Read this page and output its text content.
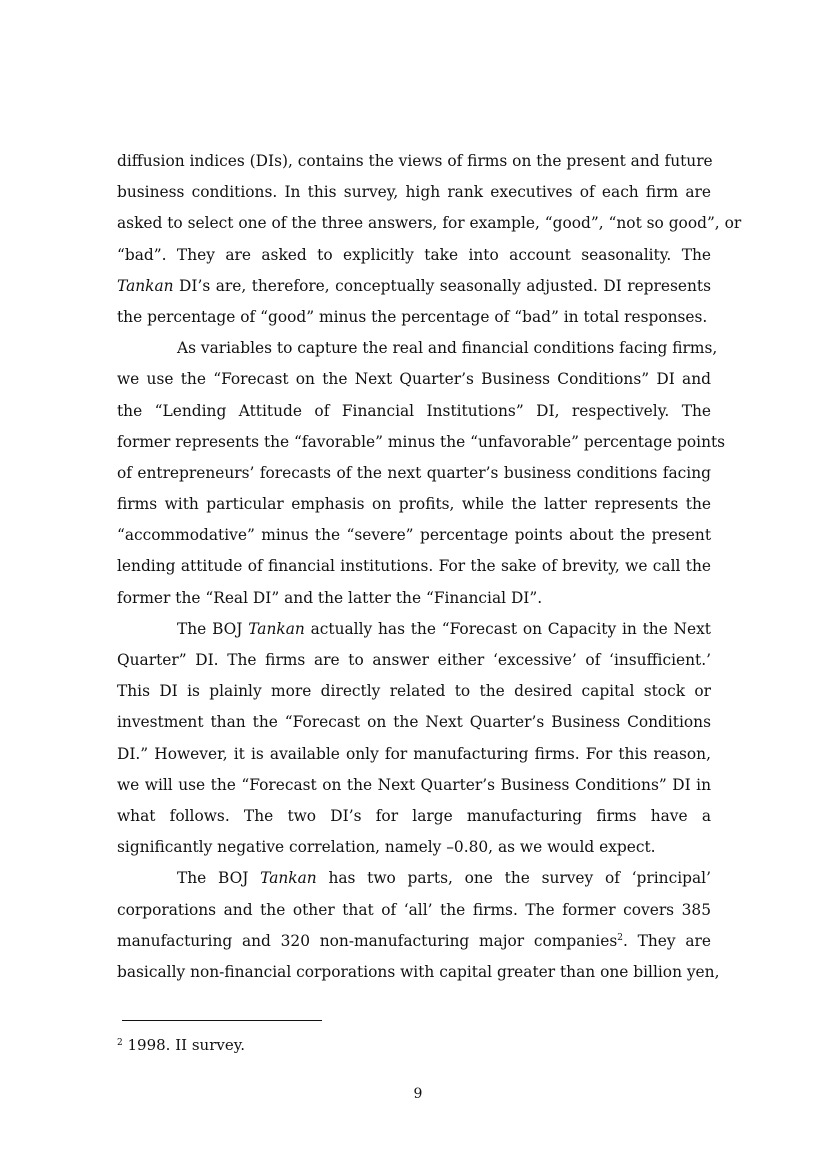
diffusion indices (DIs), contains the views of firms on the present and future
business conditions. In this survey, high rank executives of each firm are
asked to select one of the three answers, for example, “good”, “not so good”, or
“bad”. They are asked to explicitly take into account seasonality. The
Tankan DI’s are, therefore, conceptually seasonally adjusted. DI represents
the percentage of “good” minus the percentage of “bad” in total responses.
As variables to capture the real and financial conditions facing firms,
we use the “Forecast on the Next Quarter’s Business Conditions” DI and
the “Lending Attitude of Financial Institutions” DI, respectively. The
former represents the “favorable” minus the “unfavorable” percentage points
of entrepreneurs’ forecasts of the next quarter’s business conditions facing
firms with particular emphasis on profits, while the latter represents the
“accommodative” minus the “severe” percentage points about the present
lending attitude of financial institutions. For the sake of brevity, we call the
former the “Real DI” and the latter the “Financial DI”.
The BOJ Tankan actually has the “Forecast on Capacity in the Next
Quarter” DI. The firms are to answer either ‘excessive’ of ‘insufficient.’
This DI is plainly more directly related to the desired capital stock or
investment than the “Forecast on the Next Quarter’s Business Conditions
DI.” However, it is available only for manufacturing firms. For this reason,
we will use the “Forecast on the Next Quarter’s Business Conditions” DI in
what follows. The two DI’s for large manufacturing firms have a
significantly negative correlation, namely –0.80, as we would expect.
The BOJ Tankan has two parts, one the survey of ‘principal’
corporations and the other that of ‘all’ the firms. The former covers 385
manufacturing and 320 non-manufacturing major companies$^2$. They are
basically non-financial corporations with capital greater than one billion yen,
$^2$ 1998. II survey.
9
